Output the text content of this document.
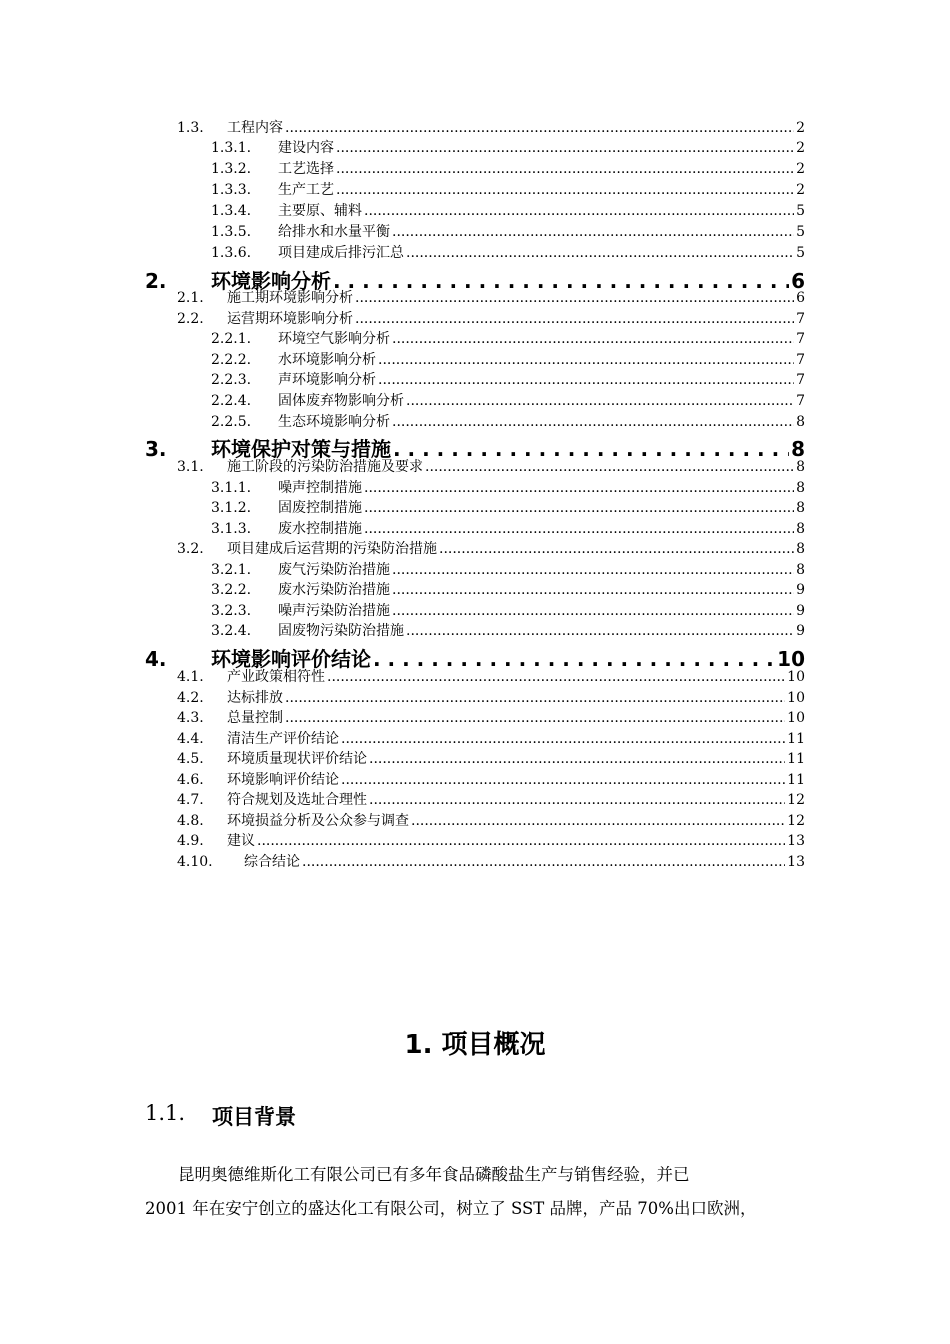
1.3.	工程内容 .....	2
1.3.1.	建设内容 .....	2
1.3.2.	工艺选择 .....	2
1.3.3.	生产工艺 .....	2
1.3.4.	主要原、辅料 .....	5
1.3.5.	给排水和水量平衡 .....	5
1.3.6.	项目建成后排污汇总 .....	5
2.	环境影响分析 . . .	6
2.1.	施工期环境影响分析 .....	6
2.2.	运营期环境影响分析 .....	7
2.2.1.	环境空气影响分析 .....	7
2.2.2.	水环境影响分析 .....	7
2.2.3.	声环境影响分析 .....	7
2.2.4.	固体废弃物影响分析 .....	7
2.2.5.	生态环境影响分析 .....	8
3.	环境保护对策与措施 . . .	8
3.1.	施工阶段的污染防治措施及要求 .....	8
3.1.1.	噪声控制措施 .....	8
3.1.2.	固废控制措施 .....	8
3.1.3.	废水控制措施 .....	8
3.2.	项目建成后运营期的污染防治措施 .....	8
3.2.1.	废气污染防治措施 .....	8
3.2.2.	废水污染防治措施 .....	9
3.2.3.	噪声污染防治措施 .....	9
3.2.4.	固废物污染防治措施 .....	9
4.	环境影响评价结论 . . .	10
4.1.	产业政策相符性 .....	10
4.2.	达标排放 .....	10
4.3.	总量控制 .....	10
4.4.	清洁生产评价结论 .....	11
4.5.	环境质量现状评价结论 .....	11
4.6.	环境影响评价结论 .....	11
4.7.	符合规划及选址合理性 .....	12
4.8.	环境损益分析及公众参与调查 .....	12
4.9.	建议 .....	13
4.10.	综合结论 .....	13
1. 项目概况
1.1.	项目背景
昆明奥德维斯化工有限公司已有多年食品磷酸盐生产与销售经验，并已
2001 年在安宁创立的盛达化工有限公司，树立了 SST 品牌，产品 70%出口欧洲，
